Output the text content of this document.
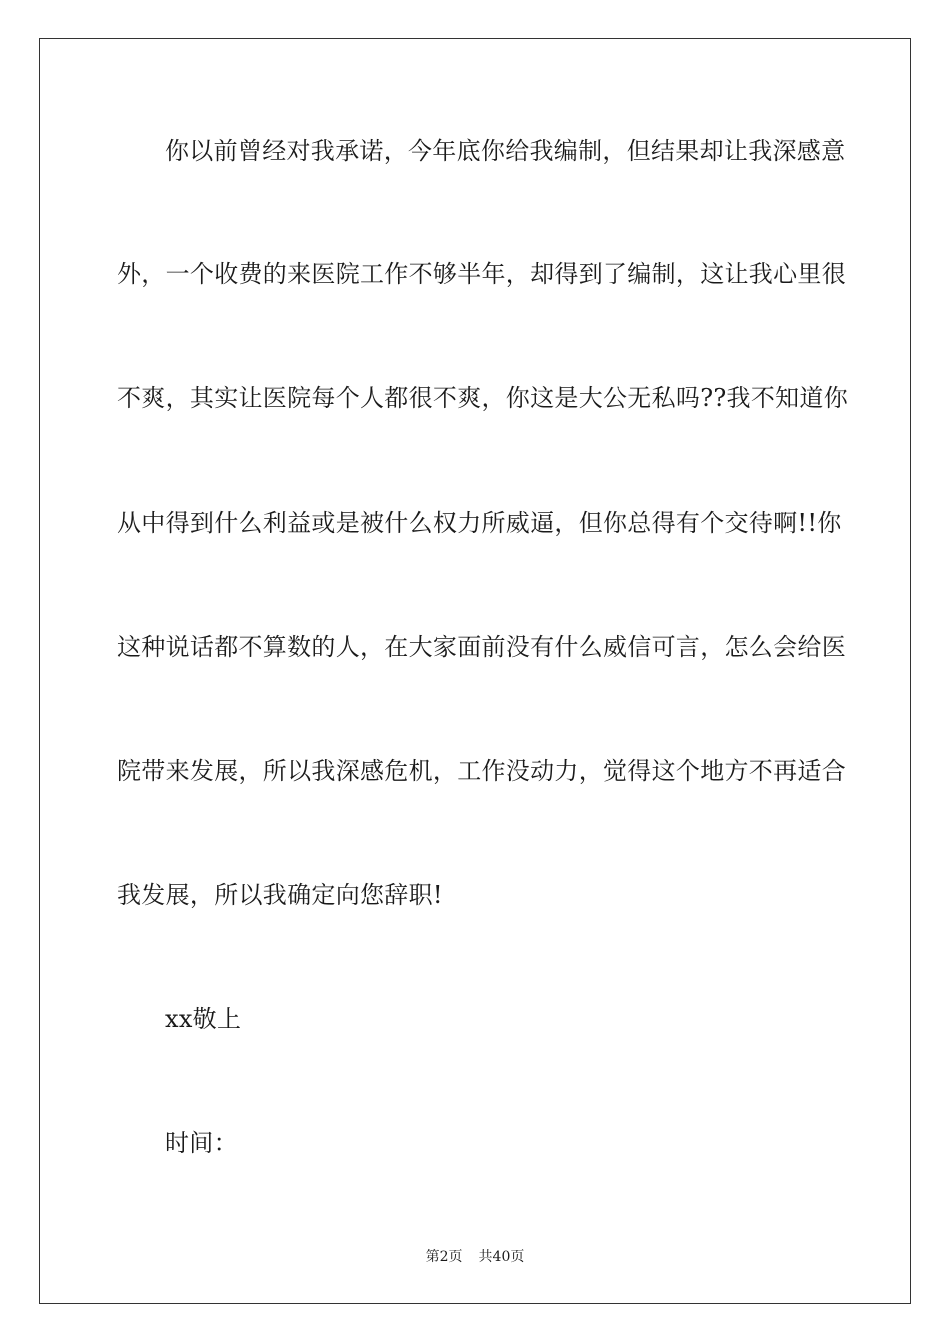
你以前曾经对我承诺，今年底你给我编制，但结果却让我深感意
外，一个收费的来医院工作不够半年，却得到了编制，这让我心里很
不爽，其实让医院每个人都很不爽，你这是大公无私吗??我不知道你
从中得到什么利益或是被什么权力所威逼，但你总得有个交待啊!!你
这种说话都不算数的人，在大家面前没有什么威信可言，怎么会给医
院带来发展，所以我深感危机，工作没动力，觉得这个地方不再适合
我发展，所以我确定向您辞职!
xx敬上
时间：
第2页 共40页
